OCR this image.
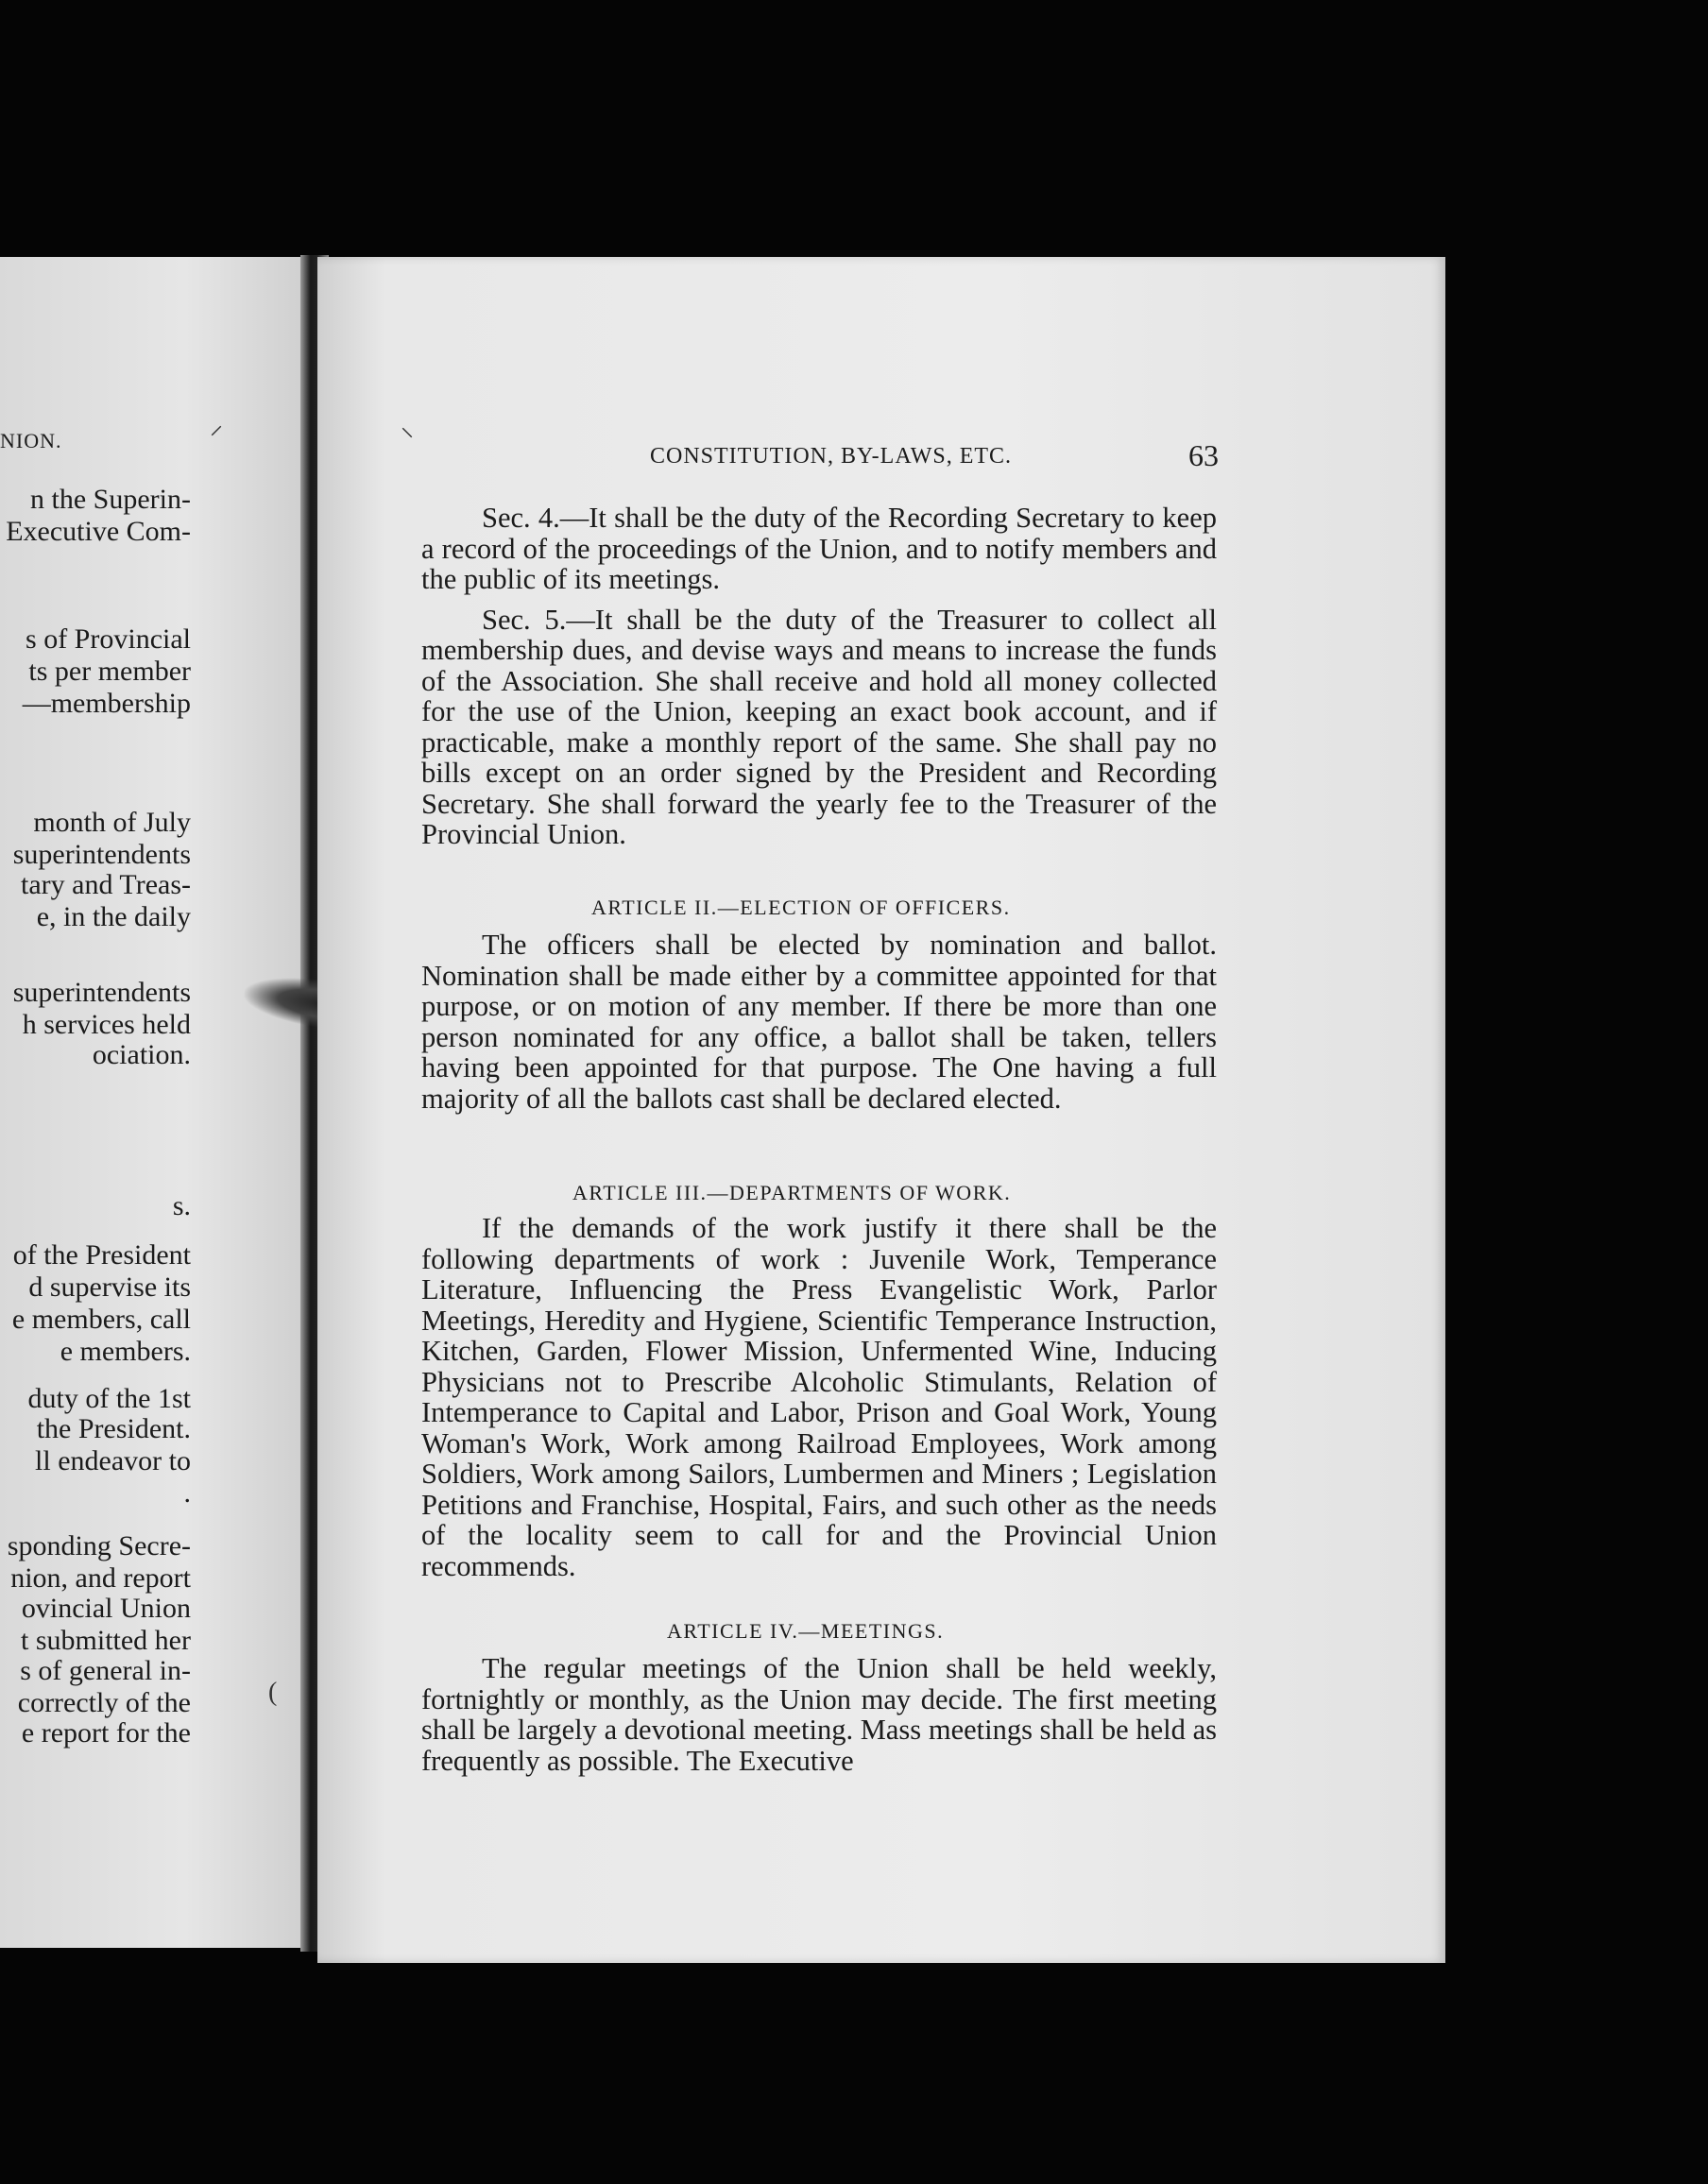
NION.
n the Superin-
Executive Com-
s of Provincial
ts per member
—membership
month of July
superintendents
tary and Treas-
e, in the daily
superintendents
h services held
ociation.
s.
of the President
d supervise its
e members, call
e members.
duty of the 1st
the President.
ll endeavor to
.
sponding Secre-
nion, and report
ovincial Union
t submitted her
s of general in-
correctly of the
e report for the
CONSTITUTION, BY-LAWS, ETC.	63

Sec. 4.—It shall be the duty of the Recording Secretary to keep a record of the proceedings of the Union, and to notify members and the public of its meetings.

Sec. 5.—It shall be the duty of the Treasurer to collect all membership dues, and devise ways and means to increase the funds of the Association. She shall receive and hold all money collected for the use of the Union, keeping an exact book account, and if practicable, make a monthly report of the same. She shall pay no bills except on an order signed by the President and Recording Secretary. She shall forward the yearly fee to the Treasurer of the Provincial Union.

ARTICLE II.—ELECTION OF OFFICERS.

The officers shall be elected by nomination and ballot. Nomination shall be made either by a committee appointed for that purpose, or on motion of any member. If there be more than one person nominated for any office, a ballot shall be taken, tellers having been appointed for that purpose. The One having a full majority of all the ballots cast shall be declared elected.

ARTICLE III.—DEPARTMENTS OF WORK.

If the demands of the work justify it there shall be the following departments of work : Juvenile Work, Temperance Literature, Influencing the Press Evangelistic Work, Parlor Meetings, Heredity and Hygiene, Scientific Temperance Instruction, Kitchen, Garden, Flower Mission, Unfermented Wine, Inducing Physicians not to Prescribe Alcoholic Stimulants, Relation of Intemperance to Capital and Labor, Prison and Goal Work, Young Woman's Work, Work among Railroad Employees, Work among Soldiers, Work among Sailors, Lumbermen and Miners ; Legislation Petitions and Franchise, Hospital, Fairs, and such other as the needs of the locality seem to call for and the Provincial Union recommends.

ARTICLE IV.—MEETINGS.

The regular meetings of the Union shall be held weekly, fortnightly or monthly, as the Union may decide. The first meeting shall be largely a devotional meeting. Mass meetings shall be held as frequently as possible. The Executive

⸝	⸜
(
